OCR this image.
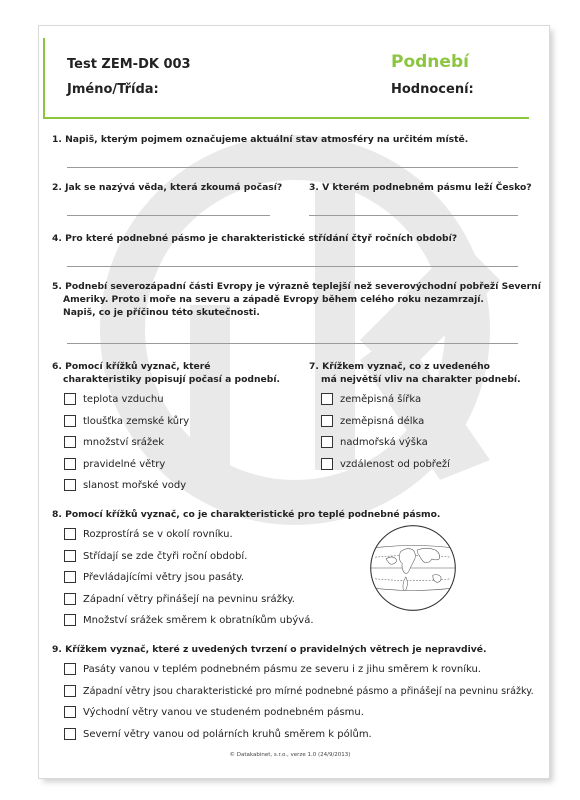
Test ZEM-DK 003
Jméno/Třída:
Podnebí
Hodnocení:
1. Napiš, kterým pojmem označujeme aktuální stav atmosféry na určitém místě.
2. Jak se nazývá věda, která zkoumá počasí?	3. V kterém podnebném pásmu leží Česko?
4. Pro které podnebné pásmo je charakteristické střídání čtyř ročních období?
5. Podnebí severozápadní části Evropy je výrazně teplejší než severovýchodní pobřeží Severní
Ameriky. Proto i moře na severu a západě Evropy během celého roku nezamrzají.
Napiš, co je příčinou této skutečnosti.
6. Pomocí křížků vyznač, které
charakteristiky popisují počasí a podnebí.
teplota vzduchu
tloušťka zemské kůry
množství srážek
pravidelné větry
slanost mořské vody
7. Křížkem vyznač, co z uvedeného
má největší vliv na charakter podnebí.
zeměpisná šířka
zeměpisná délka
nadmořská výška
vzdálenost od pobřeží
8. Pomocí křížků vyznač, co je charakteristické pro teplé podnebné pásmo.
Rozprostírá se v okolí rovníku.
Střídají se zde čtyři roční období.
Převládajícími větry jsou pasáty.
Západní větry přinášejí na pevninu srážky.
Množství srážek směrem k obratníkům ubývá.
9. Křížkem vyznač, které z uvedených tvrzení o pravidelných větrech je nepravdivé.
Pasáty vanou v teplém podnebném pásmu ze severu i z jihu směrem k rovníku.
Západní větry jsou charakteristické pro mírné podnebné pásmo a přinášejí na pevninu srážky.
Východní větry vanou ve studeném podnebném pásmu.
Severní větry vanou od polárních kruhů směrem k pólům.
© Datakabinet, s.r.o., verze 1.0 (24/9/2013)
